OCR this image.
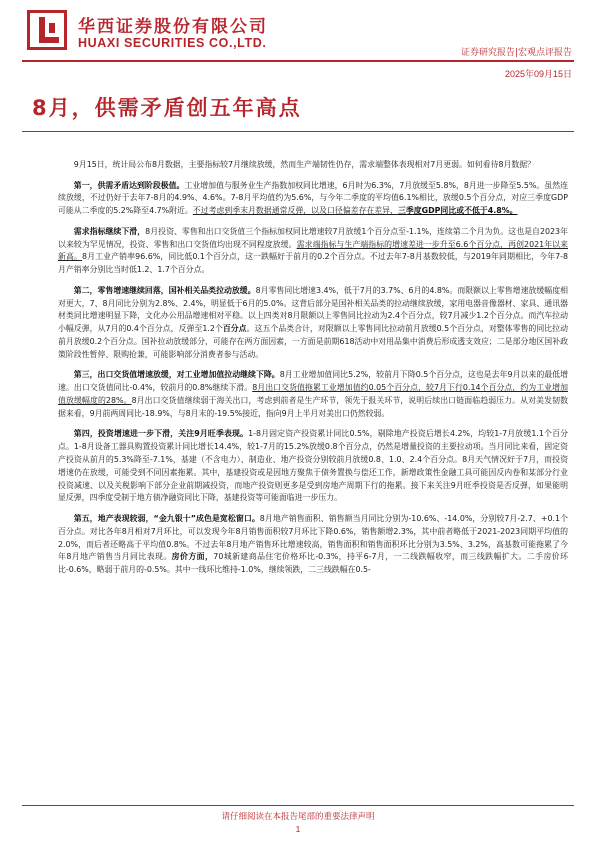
华西证券股份有限公司
HUAXI SECURITIES CO.,LTD.
证券研究报告|宏观点评报告
2025年09月15日
8月，供需矛盾创五年高点

9月15日，统计局公布8月数据，主要指标较7月继续放缓，然而生产端韧性仍存，需求端整体表现相对7月更弱。如何看待8月数据？

第一，供需矛盾达到阶段极值。工业增加值与服务业生产指数加权同比增速，6月时为6.3%，7月放缓至5.8%，8月进一步降至5.5%。虽然连续放缓，不过仍好于去年7-8月的4.9%、4.6%。7-8月平均值约为5.6%，与今年二季度的平均值6.1%相比，放缓0.5个百分点，对应三季度GDP可能从二季度的5.2%降至4.7%附近。不过考虑到季末月数据通常反弹，以及口径偏差存在差异，三季度GDP同比或不低于4.8%。

需求指标继续下滑，8月投资、零售和出口交货值三个指标加权同比增速较7月放缓1个百分点至-1.1%，连续第二个月为负。这也是自2023年以来较为罕见情况，投资、零售和出口交货值均出现不同程度放缓。需求端指标与生产端指标的增速差进一步升至6.6个百分点，再创2021年以来新高。8月工业产销率96.6%，同比低0.1个百分点，这一跌幅好于前月的0.2个百分点。不过去年7-8月基数较低，与2019年同期相比，今年7-8月产销率分别比当时低1.2、1.7个百分点。

第二，零售增速继续回落，国补相关品类拉动放缓。8月零售同比增速3.4%，低于7月的3.7%、6月的4.8%。而限额以上零售增速放缓幅度相对更大，7、8月同比分别为2.8%、2.4%，明显低于6月的5.0%。这背后部分是国补相关品类的拉动继续放缓，家用电器音像器材、家具、通讯器材类同比增速明显下降，文化办公用品增速相对平稳。以上四类对8月限额以上零售同比拉动为2.4个百分点，较7月减少1.2个百分点。而汽车拉动小幅反弹，从7月的0.4个百分点，反弹至1.2个百分点。这五个品类合计，对限额以上零售同比拉动前月放缓0.5个百分点，对整体零售的同比拉动前月放缓0.2个百分点。国补拉动放缓部分，可能存在两方面因素，一方面是前期618活动中对用品集中消费后形成透支效应；二是部分地区国补政策阶段性暂停、限购抢兼，可能影响部分消费者参与活动。

第三，出口交货值增速放缓，对工业增加值拉动继续下降。8月工业增加值同比5.2%，较前月下降0.5个百分点，这也是去年9月以来的最低增速。出口交货值同比-0.4%，较前月的0.8%继续下滑。8月出口交货值拖累工业增加值约0.05个百分点，较7月下行0.14个百分点，约为工业增加值放缓幅度的28%。8月出口交货值继续弱于海关出口，考虑到前者是生产环节，领先于报关环节，说明后续出口链面临趋弱压力。从对美发韧数据来看，9月前两周同比-18.9%，与8月末的-19.5%接近，指向9月上半月对美出口仍然较弱。

第四，投资增速进一步下滑，关注9月旺季表现。1-8月固定资产投资累计同比0.5%，剔除地产投资后增长4.2%，均较1-7月放缓1.1个百分点。1-8月设备工器具购置投资累计同比增长14.4%，较1-7月的15.2%放缓0.8个百分点，仍然是增量投资的主要拉动项。当月同比来看，固定资产投资从前月的5.3%降至-7.1%，基建（不含电力）、制造业、地产投资分别较前月放缓0.8、1.0、2.4个百分点。8月天气情况好于7月，而投资增速仍在放缓，可能受到不同因素拖累。其中，基建投资或是因地方聚焦于债务置换与偿还工作，新增政策性金融工具可能因反内卷和某部分行业投资减速、以及关税影响下部分企业前期减投资，而地产投资则更多是受到房地产周期下行的拖累。接下来关注9月旺季投资是否反弹，如果能明显反弹，四季度受制于地方债净融资同比下降，基建投资等可能面临进一步压力。

第五，地产表现较弱，“金九银十”成色是宽松窗口。8月地产销售面积、销售额当月同比分别为-10.6%、-14.0%，分别较7月-2.7、+0.1个百分点。对比各年8月相对7月环比，可以发现今年8月销售面积较7月环比下降0.6%，销售额增2.3%，其中前者略低于2021-2023同期平均值的2.0%，而后者还略高于平均值0.8%。不过去年8月地产销售环比增速较高，销售面积和销售面积环比分别为3.5%、3.2%，高基数可能拖累了今年8月地产销售当月同比表现。房价方面，70城新建商品住宅价格环比-0.3%，持平6-7月，一二线跌幅收窄，而三线跌幅扩大。二手房价环比-0.6%，略弱于前月的-0.5%。其中一线环比维持-1.0%，继续领跌，二三线跌幅在0.5-

请仔细阅读在本报告尾部的重要法律声明
1
